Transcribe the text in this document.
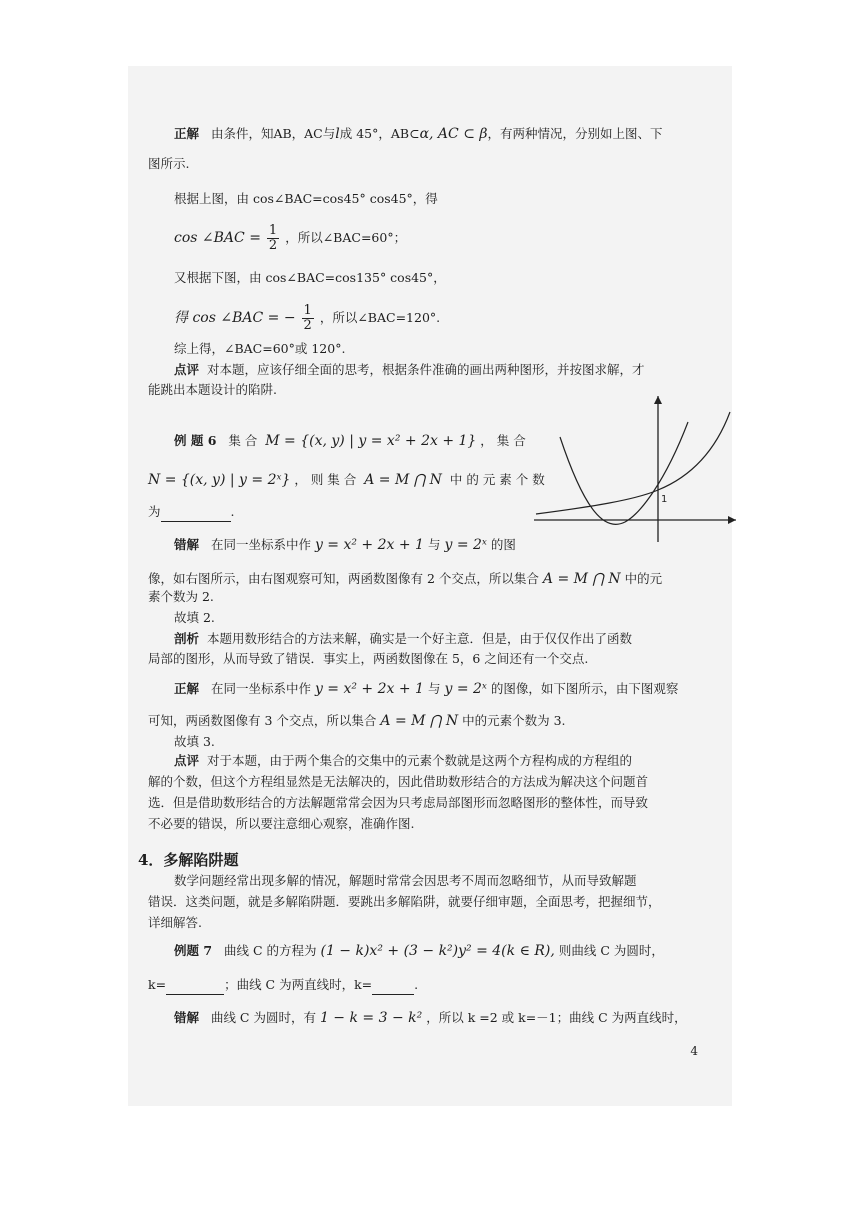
正解 由条件，知AB，AC与l成 45°，AB⊂α, AC ⊂ β，有两种情况，分别如上图、下
图所示.
根据上图，由 cos∠BAC=cos45° cos45°，得
cos ∠BAC = $\frac{1}{2}$ ，所以∠BAC=60°；
又根据下图，由 cos∠BAC=cos135° cos45°，
得 cos ∠BAC = − $\frac{1}{2}$ ，所以∠BAC=120°.
综上得，∠BAC=60°或 120°.
点评 对本题，应该仔细全面的思考，根据条件准确的画出两种图形，并按图求解，才
能跳出本题设计的陷阱.
例 题 6 集 合 M = {(x, y) | y = x² + 2x + 1} ， 集 合
N = {(x, y) | y = 2ˣ} ， 则 集 合 A = M ⋂ N 中 的 元 素 个 数
为	.
1
错解 在同一坐标系中作 y = x² + 2x + 1 与 y = 2ˣ 的图
像，如右图所示，由右图观察可知，两函数图像有 2 个交点，所以集合 A = M ⋂ N 中的元
素个数为 2.
故填 2.
剖析 本题用数形结合的方法来解，确实是一个好主意．但是，由于仅仅作出了函数
局部的图形，从而导致了错误．事实上，两函数图像在 5，6 之间还有一个交点.
正解 在同一坐标系中作 y = x² + 2x + 1 与 y = 2ˣ 的图像，如下图所示，由下图观察
可知，两函数图像有 3 个交点，所以集合 A = M ⋂ N 中的元素个数为 3.
故填 3.
点评 对于本题，由于两个集合的交集中的元素个数就是这两个方程构成的方程组的
解的个数，但这个方程组显然是无法解决的，因此借助数形结合的方法成为解决这个问题首
选．但是借助数形结合的方法解题常常会因为只考虑局部图形而忽略图形的整体性，而导致
不必要的错误，所以要注意细心观察，准确作图.
4．多解陷阱题
数学问题经常出现多解的情况，解题时常常会因思考不周而忽略细节，从而导致解题
错误．这类问题，就是多解陷阱题．要跳出多解陷阱，就要仔细审题，全面思考，把握细节，
详细解答.
例题 7 曲线 C 的方程为 (1 − k)x² + (3 − k²)y² = 4(k ∈ R), 则曲线 C 为圆时，
k=	；曲线 C 为两直线时，k=	.
错解 曲线 C 为圆时，有 1 − k = 3 − k² ，所以 k =2 或 k=－1；曲线 C 为两直线时，
4
